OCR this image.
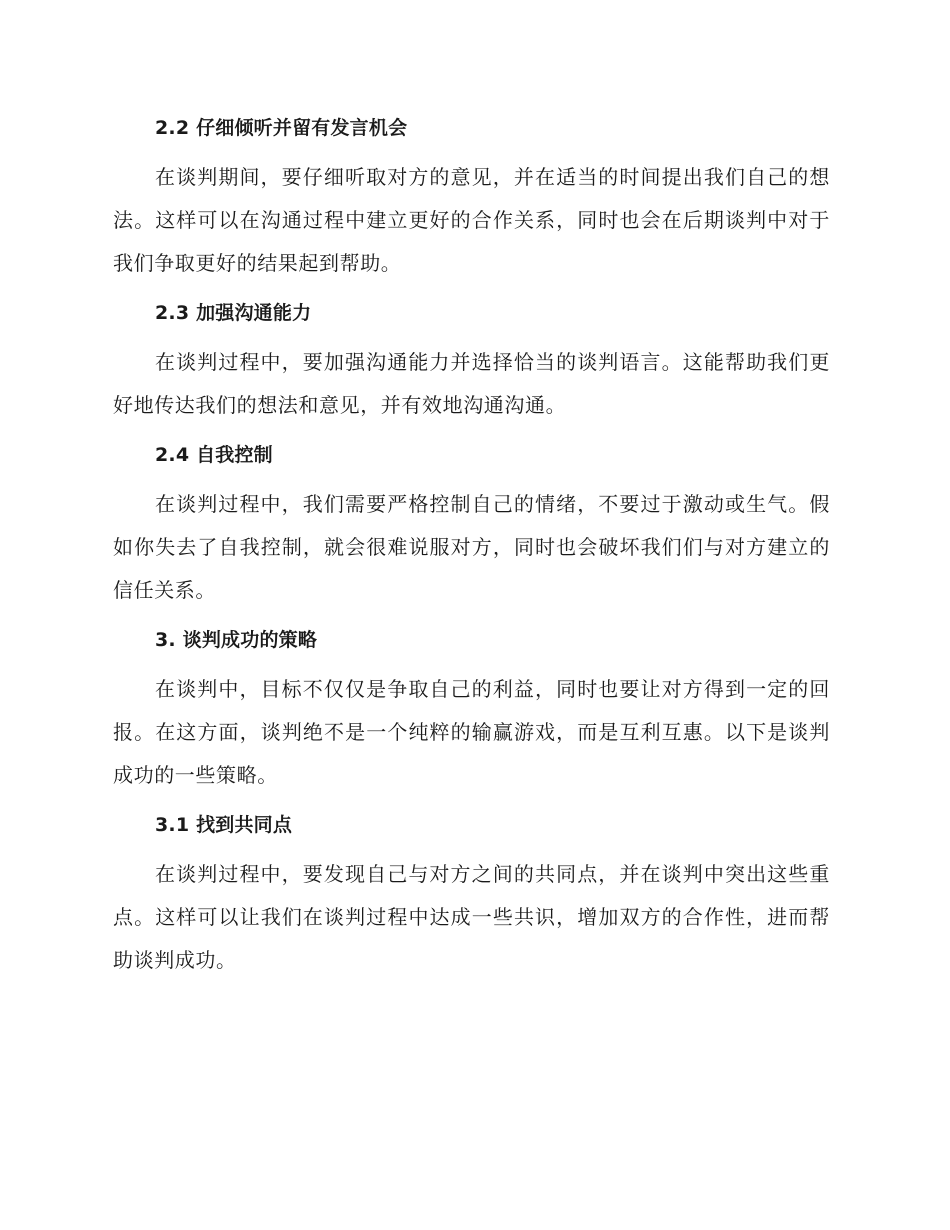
2.2 仔细倾听并留有发言机会

在谈判期间，要仔细听取对方的意见，并在适当的时间提出我们自己的想法。这样可以在沟通过程中建立更好的合作关系，同时也会在后期谈判中对于我们争取更好的结果起到帮助。

2.3 加强沟通能力

在谈判过程中，要加强沟通能力并选择恰当的谈判语言。这能帮助我们更好地传达我们的想法和意见，并有效地沟通沟通。

2.4 自我控制

在谈判过程中，我们需要严格控制自己的情绪，不要过于激动或生气。假如你失去了自我控制，就会很难说服对方，同时也会破坏我们们与对方建立的信任关系。

3. 谈判成功的策略

在谈判中，目标不仅仅是争取自己的利益，同时也要让对方得到一定的回报。在这方面，谈判绝不是一个纯粹的输赢游戏，而是互利互惠。以下是谈判成功的一些策略。

3.1 找到共同点

在谈判过程中，要发现自己与对方之间的共同点，并在谈判中突出这些重点。这样可以让我们在谈判过程中达成一些共识，增加双方的合作性，进而帮助谈判成功。
